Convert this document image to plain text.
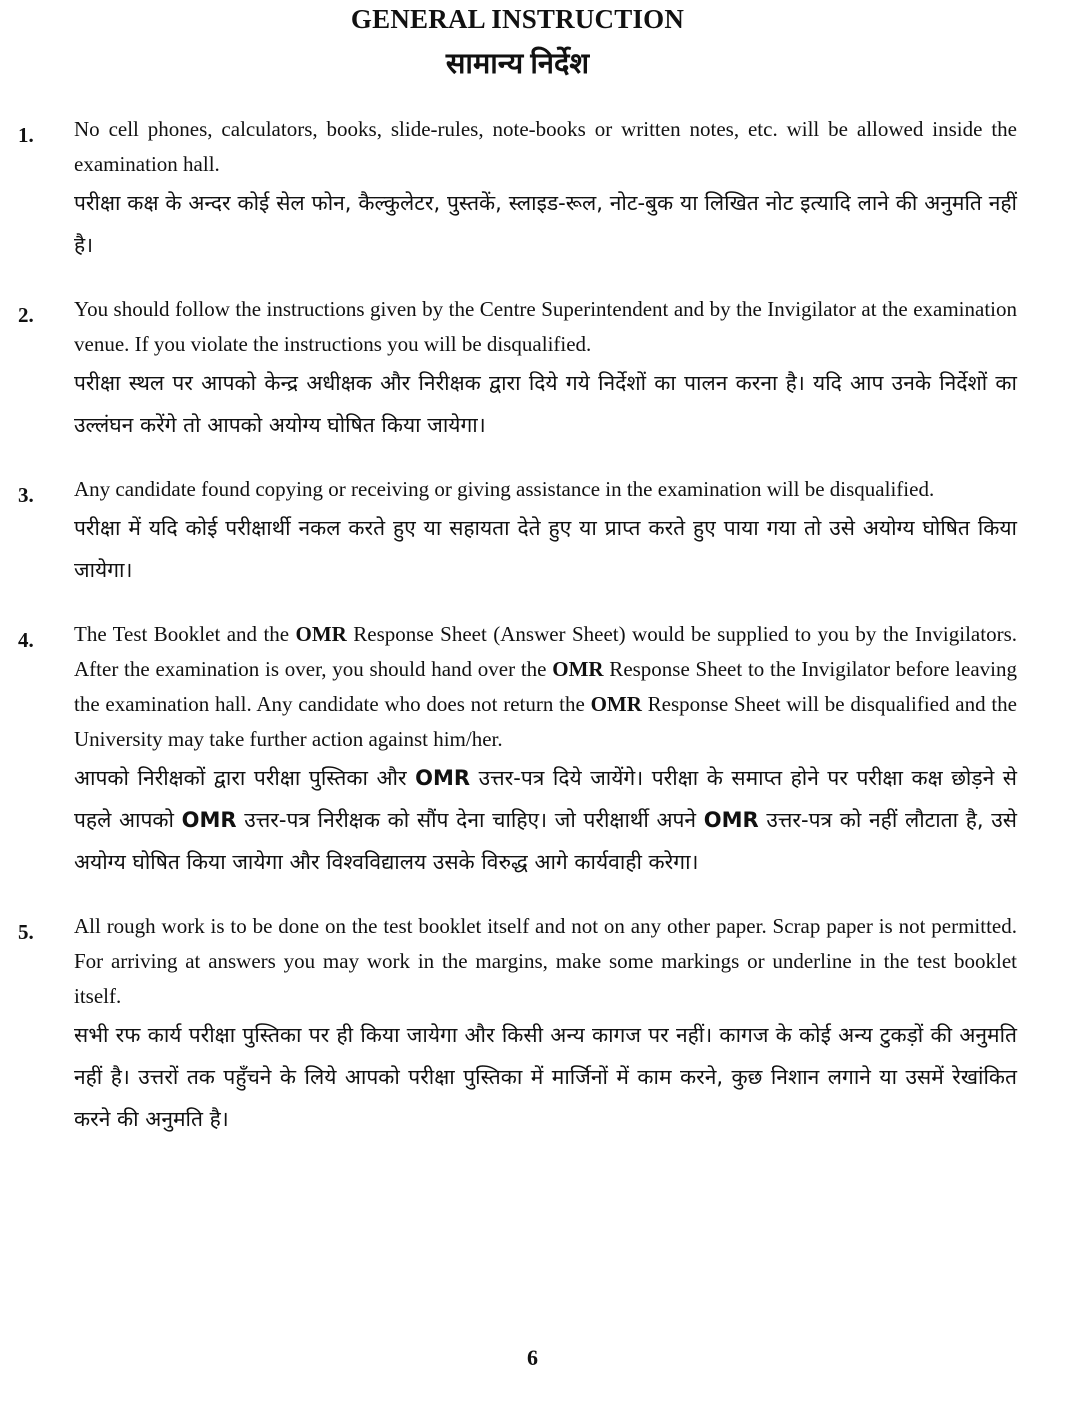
GENERAL INSTRUCTION
सामान्य निर्देश
1.	No cell phones, calculators, books, slide-rules, note-books or written notes, etc. will be allowed inside the examination hall.

परीक्षा कक्ष के अन्दर कोई सेल फोन, कैल्कुलेटर, पुस्तकें, स्लाइड-रूल, नोट-बुक या लिखित नोट इत्यादि लाने की अनुमति नहीं है।

2.	You should follow the instructions given by the Centre Superintendent and by the Invigilator at the examination venue. If you violate the instructions you will be disqualified.

परीक्षा स्थल पर आपको केन्द्र अधीक्षक और निरीक्षक द्वारा दिये गये निर्देशों का पालन करना है। यदि आप उनके निर्देशों का उल्लंघन करेंगे तो आपको अयोग्य घोषित किया जायेगा।

3.	Any candidate found copying or receiving or giving assistance in the examination will be disqualified.

परीक्षा में यदि कोई परीक्षार्थी नकल करते हुए या सहायता देते हुए या प्राप्त करते हुए पाया गया तो उसे अयोग्य घोषित किया जायेगा।

4.	The Test Booklet and the OMR Response Sheet (Answer Sheet) would be supplied to you by the Invigilators. After the examination is over, you should hand over the OMR Response Sheet to the Invigilator before leaving the examination hall. Any candidate who does not return the OMR Response Sheet will be disqualified and the University may take further action against him/her.

आपको निरीक्षकों द्वारा परीक्षा पुस्तिका और OMR उत्तर-पत्र दिये जायेंगे। परीक्षा के समाप्त होने पर परीक्षा कक्ष छोड़ने से पहले आपको OMR उत्तर-पत्र निरीक्षक को सौंप देना चाहिए। जो परीक्षार्थी अपने OMR उत्तर-पत्र को नहीं लौटाता है, उसे अयोग्य घोषित किया जायेगा और विश्वविद्यालय उसके विरुद्ध आगे कार्यवाही करेगा।

5.	All rough work is to be done on the test booklet itself and not on any other paper. Scrap paper is not permitted. For arriving at answers you may work in the margins, make some markings or underline in the test booklet itself.

सभी रफ कार्य परीक्षा पुस्तिका पर ही किया जायेगा और किसी अन्य कागज पर नहीं। कागज के कोई अन्य टुकड़ों की अनुमति नहीं है। उत्तरों तक पहुँचने के लिये आपको परीक्षा पुस्तिका में मार्जिनों में काम करने, कुछ निशान लगाने या उसमें रेखांकित करने की अनुमति है।

6
